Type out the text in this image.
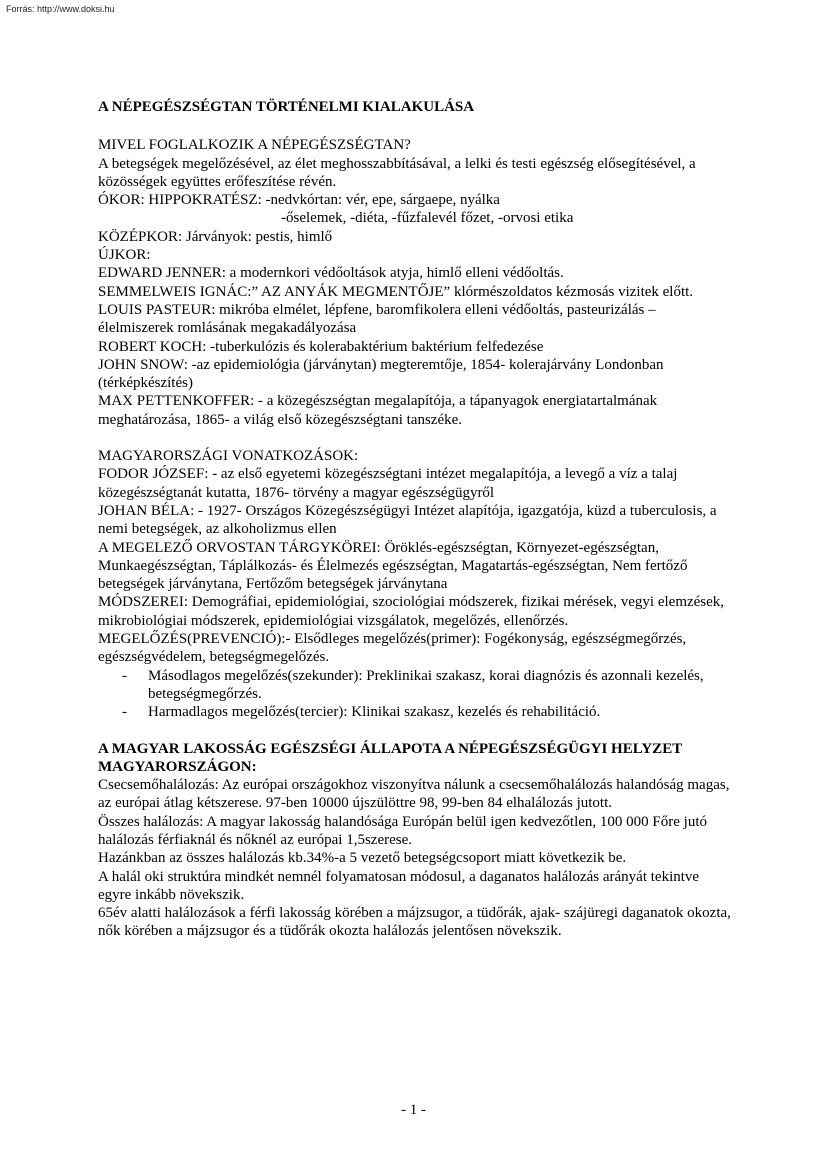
Forrás: http://www.doksi.hu

A NÉPEGÉSZSÉGTAN TÖRTÉNELMI KIALAKULÁSA

MIVEL FOGLALKOZIK A NÉPEGÉSZSÉGTAN?
A betegségek megelőzésével, az élet meghosszabbításával, a lelki és testi egészség elősegítésével, a közösségek együttes erőfeszítése révén.
ÓKOR: HIPPOKRATÉSZ: -nedvkórtan: vér, epe, sárgaepe, nyálka
-őselemek, -diéta, -fűzfalevél főzet, -orvosi etika
KÖZÉPKOR: Járványok: pestis, himlő
ÚJKOR:
EDWARD JENNER: a modernkori védőoltások atyja, himlő elleni védőoltás.
SEMMELWEIS IGNÁC:” AZ ANYÁK MEGMENTŐJE” klórmészoldatos kézmosás vizitek előtt.
LOUIS PASTEUR: mikróba elmélet, lépfene, baromfikolera elleni védőoltás, pasteurizálás – élelmiszerek romlásának megakadályozása
ROBERT KOCH: -tuberkulózis és kolerabaktérium baktérium felfedezése
JOHN SNOW: -az epidemiológia (járványtan) megteremtője, 1854- kolerajárvány Londonban (térképkészítés)
MAX PETTENKOFFER: - a közegészségtan megalapítója, a tápanyagok energiatartalmának meghatározása, 1865- a világ első közegészségtani tanszéke.
MAGYARORSZÁGI VONATKOZÁSOK:
FODOR JÓZSEF: - az első egyetemi közegészségtani intézet megalapítója, a levegő a víz a talaj közegészségtanát kutatta, 1876- törvény a magyar egészségügyről
JOHAN BÉLA: - 1927- Országos Közegészségügyi Intézet alapítója, igazgatója, küzd a tuberculosis, a nemi betegségek, az alkoholizmus ellen
A MEGELEZŐ ORVOSTAN TÁRGYKÖREI: Öröklés-egészségtan, Környezet-egészségtan, Munkaegészségtan, Táplálkozás- és Élelmezés egészségtan, Magatartás-egészségtan, Nem fertőző betegségek járványtana, Fertőzőm betegségek járványtana
MÓDSZEREI: Demográfiai, epidemiológiai, szociológiai módszerek, fizikai mérések, vegyi elemzések, mikrobiológiai módszerek, epidemiológiai vizsgálatok, megelőzés, ellenőrzés.
MEGELŐZÉS(PREVENCIÓ):- Elsődleges megelőzés(primer): Fogékonyság, egészségmegőrzés, egészségvédelem, betegségmegelőzés.
- Másodlagos megelőzés(szekunder): Preklinikai szakasz, korai diagnózis és azonnali kezelés, betegségmegőrzés.
- Harmadlagos megelőzés(tercier): Klinikai szakasz, kezelés és rehabilitáció.

A MAGYAR LAKOSSÁG EGÉSZSÉGI ÁLLAPOTA A NÉPEGÉSZSÉGÜGYI HELYZET MAGYARORSZÁGON:

Csecsemőhalálozás: Az európai országokhoz viszonyítva nálunk a csecsemőhalálozás halandóság magas, az európai átlag kétszerese. 97-ben 10000 újszülöttre 98, 99-ben 84 elhalálozás jutott.
Összes halálozás: A magyar lakosság halandósága Európán belül igen kedvezőtlen, 100 000 Főre jutó halálozás férfiaknál és nőknél az európai 1,5szerese.
Hazánkban az összes halálozás kb.34%-a 5 vezető betegségcsoport miatt következik be.
A halál oki struktúra mindkét nemnél folyamatosan módosul, a daganatos halálozás arányát tekintve egyre inkább növekszik.
65év alatti halálozások a férfi lakosság körében a májzsugor, a tüdőrák, ajak- szájüregi daganatok okozta, nők körében a májzsugor és a tüdőrák okozta halálozás jelentősen növekszik.
- 1 -
